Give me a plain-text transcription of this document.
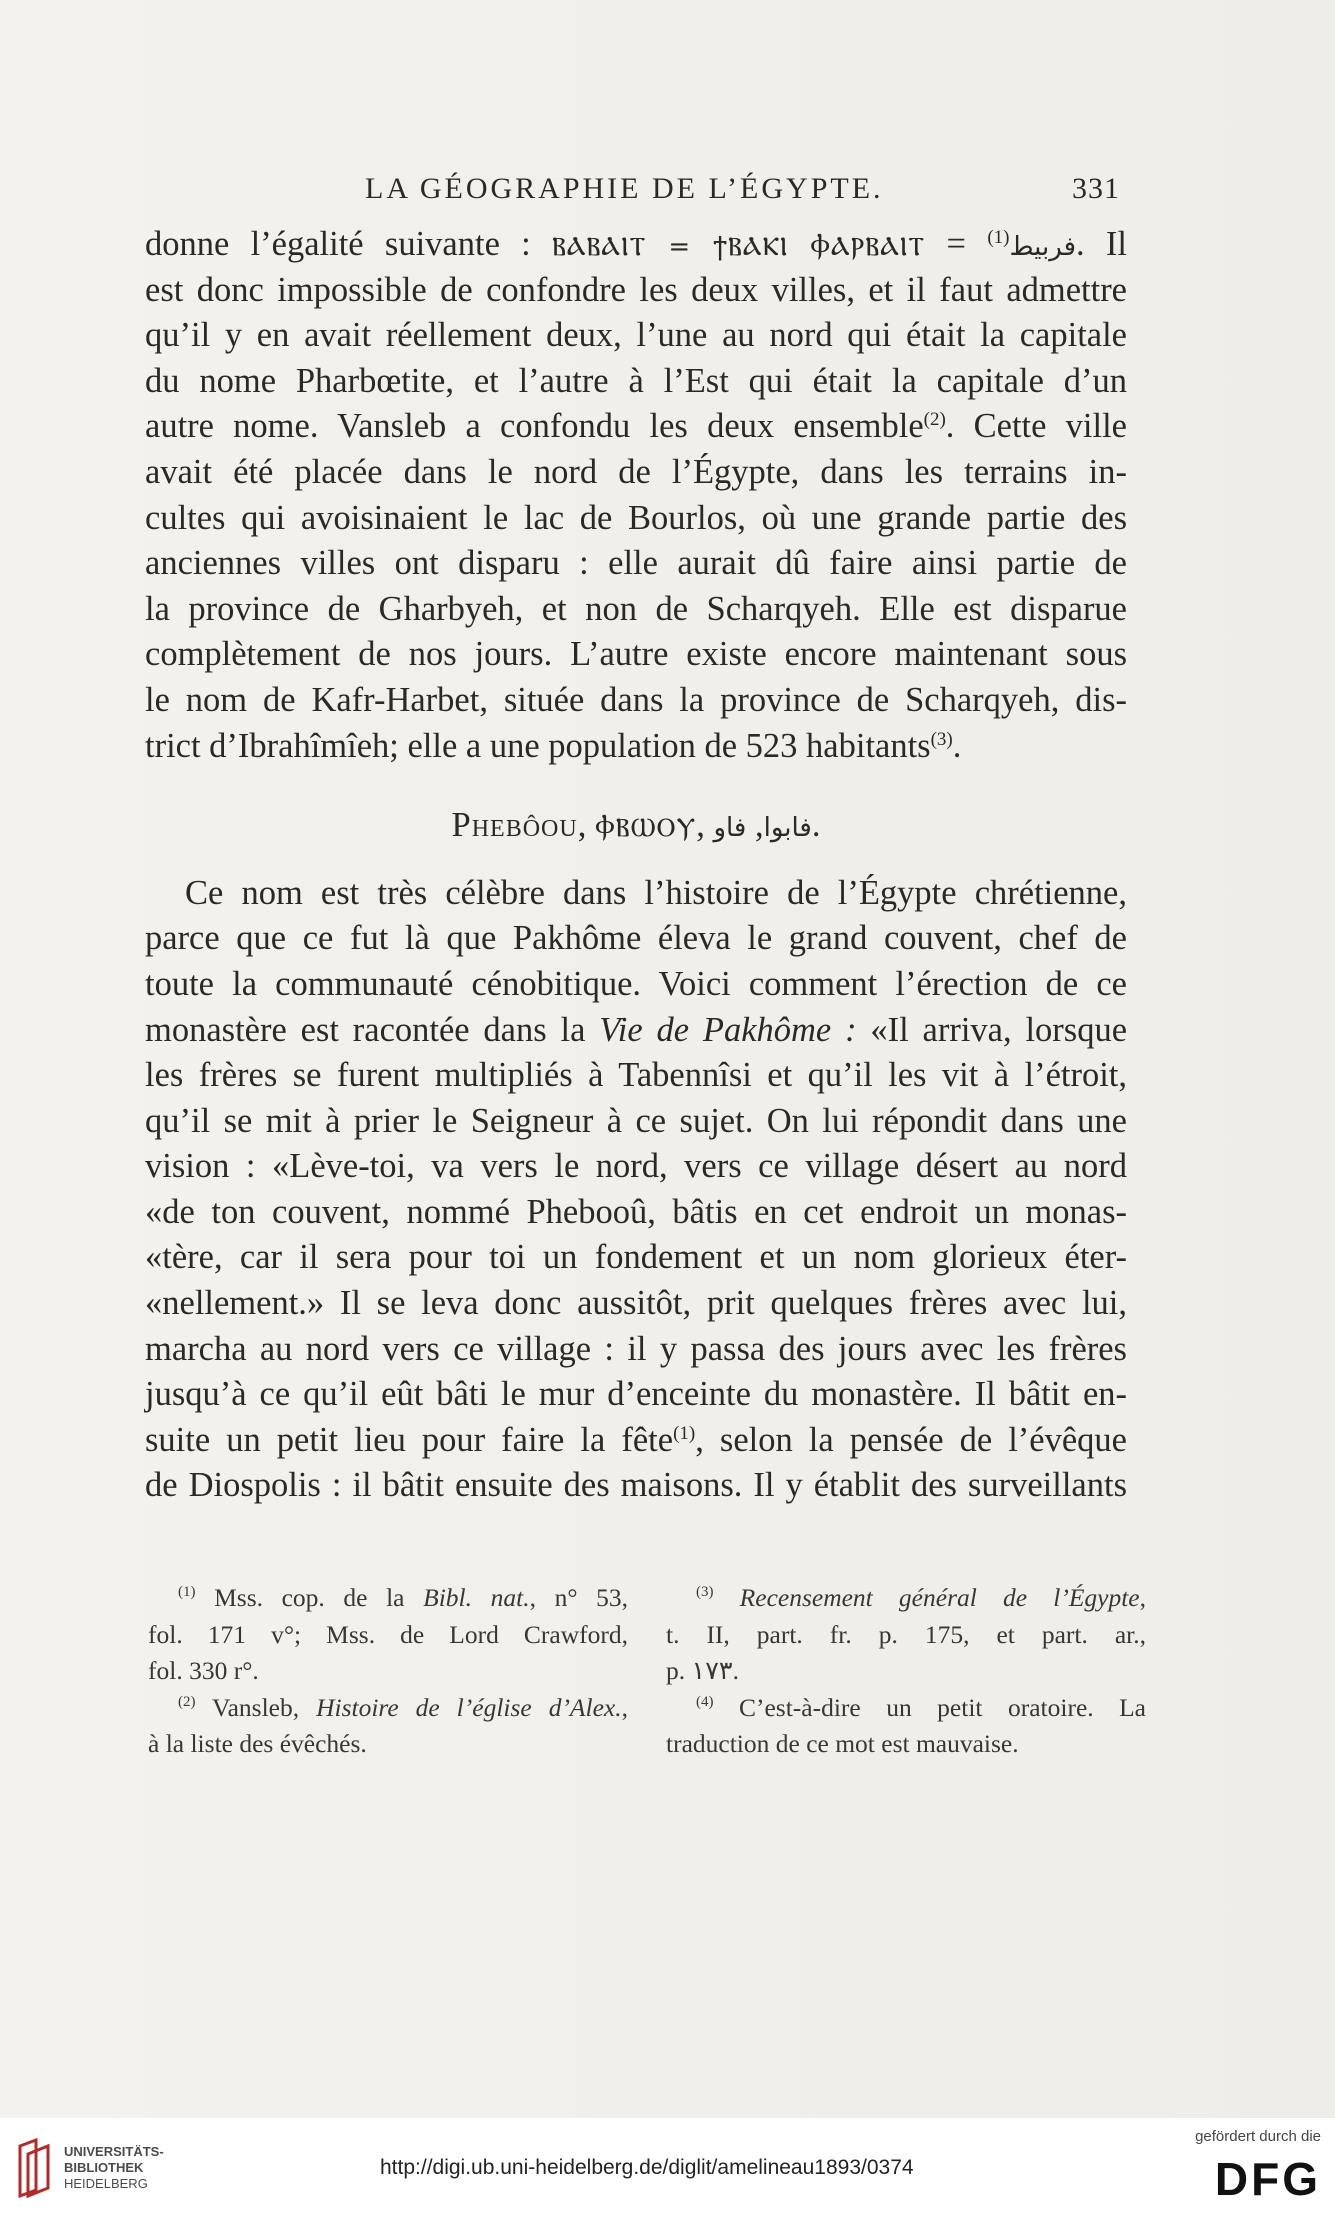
LA GÉOGRAPHIE DE L’ÉGYPTE.	331
donne l’égalité suivante : ⲂⲀⲂⲀⲒⲦ = ϯⲂⲀⲔⲒ ⲪⲀⲢⲂⲀⲒⲦ = فربيط$^{(1)}$ . Il
est donc impossible de confondre les deux villes, et il faut admettre
qu’il y en avait réellement deux, l’une au nord qui était la capitale
du nome Pharbœtite, et l’autre à l’Est qui était la capitale d’un
autre nome. Vansleb a confondu les deux ensemble$^{(2)}$. Cette ville
avait été placée dans le nord de l’Égypte, dans les terrains in-
cultes qui avoisinaient le lac de Bourlos, où une grande partie des
anciennes villes ont disparu : elle aurait dû faire ainsi partie de
la province de Gharbyeh, et non de Scharqyeh. Elle est disparue
complètement de nos jours. L’autre existe encore maintenant sous
le nom de Kafr-Harbet, située dans la province de Scharqyeh, dis-
trict d’Ibrahîmîeh; elle a une population de 523 habitants$^{(3)}$.
Phebôou, ⲪⲂⲰⲞⲨ, فابوا, فاو .
Ce nom est très célèbre dans l’histoire de l’Égypte chrétienne,
parce que ce fut là que Pakhôme éleva le grand couvent, chef de
toute la communauté cénobitique. Voici comment l’érection de ce
monastère est racontée dans la Vie de Pakhôme : «Il arriva, lorsque
les frères se furent multipliés à Tabennîsi et qu’il les vit à l’étroit,
qu’il se mit à prier le Seigneur à ce sujet. On lui répondit dans une
vision : «Lève-toi, va vers le nord, vers ce village désert au nord
«de ton couvent, nommé Phebooû, bâtis en cet endroit un monas-
«tère, car il sera pour toi un fondement et un nom glorieux éter-
«nellement.» Il se leva donc aussitôt, prit quelques frères avec lui,
marcha au nord vers ce village : il y passa des jours avec les frères
jusqu’à ce qu’il eût bâti le mur d’enceinte du monastère. Il bâtit en-
suite un petit lieu pour faire la fête$^{(1)}$, selon la pensée de l’évêque
de Diospolis : il bâtit ensuite des maisons. Il y établit des surveillants
$^{(1)}$ Mss. cop. de la Bibl. nat., n° 53,
fol. 171 v°; Mss. de Lord Crawford,
fol. 330 r°.
$^{(2)}$ Vansleb, Histoire de l’église d’Alex.,
à la liste des évêchés.
$^{(3)}$ Recensement général de l’Égypte,
t. II, part. fr. p. 175, et part. ar.,
p. ١٧٣.
$^{(4)}$ C’est-à-dire un petit oratoire. La
traduction de ce mot est mauvaise.
UNIVERSITÄTS-
BIBLIOTHEK
HEIDELBERG
http://digi.ub.uni-heidelberg.de/diglit/amelineau1893/0374
gefördert durch die
DFG
